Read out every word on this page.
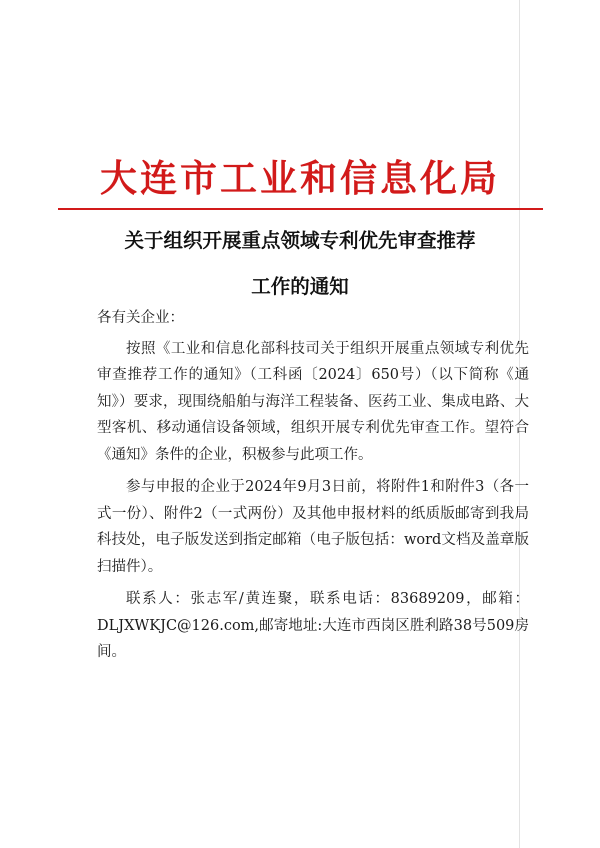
大连市工业和信息化局
关于组织开展重点领域专利优先审查推荐
工作的通知

各有关企业：

按照《工业和信息化部科技司关于组织开展重点领域专利优先审查推荐工作的通知》（工科函〔2024〕650号）（以下简称《通知》）要求，现围绕船舶与海洋工程装备、医药工业、集成电路、大型客机、移动通信设备领域，组织开展专利优先审查工作。望符合《通知》条件的企业，积极参与此项工作。

参与申报的企业于2024年9月3日前，将附件1和附件3（各一式一份）、附件2（一式两份）及其他申报材料的纸质版邮寄到我局科技处，电子版发送到指定邮箱（电子版包括：word文档及盖章版扫描件）。

联系人：张志军/黄连聚，联系电话：83689209，邮箱：DLJXWKJC@126.com,邮寄地址:大连市西岗区胜利路38号509房间。
